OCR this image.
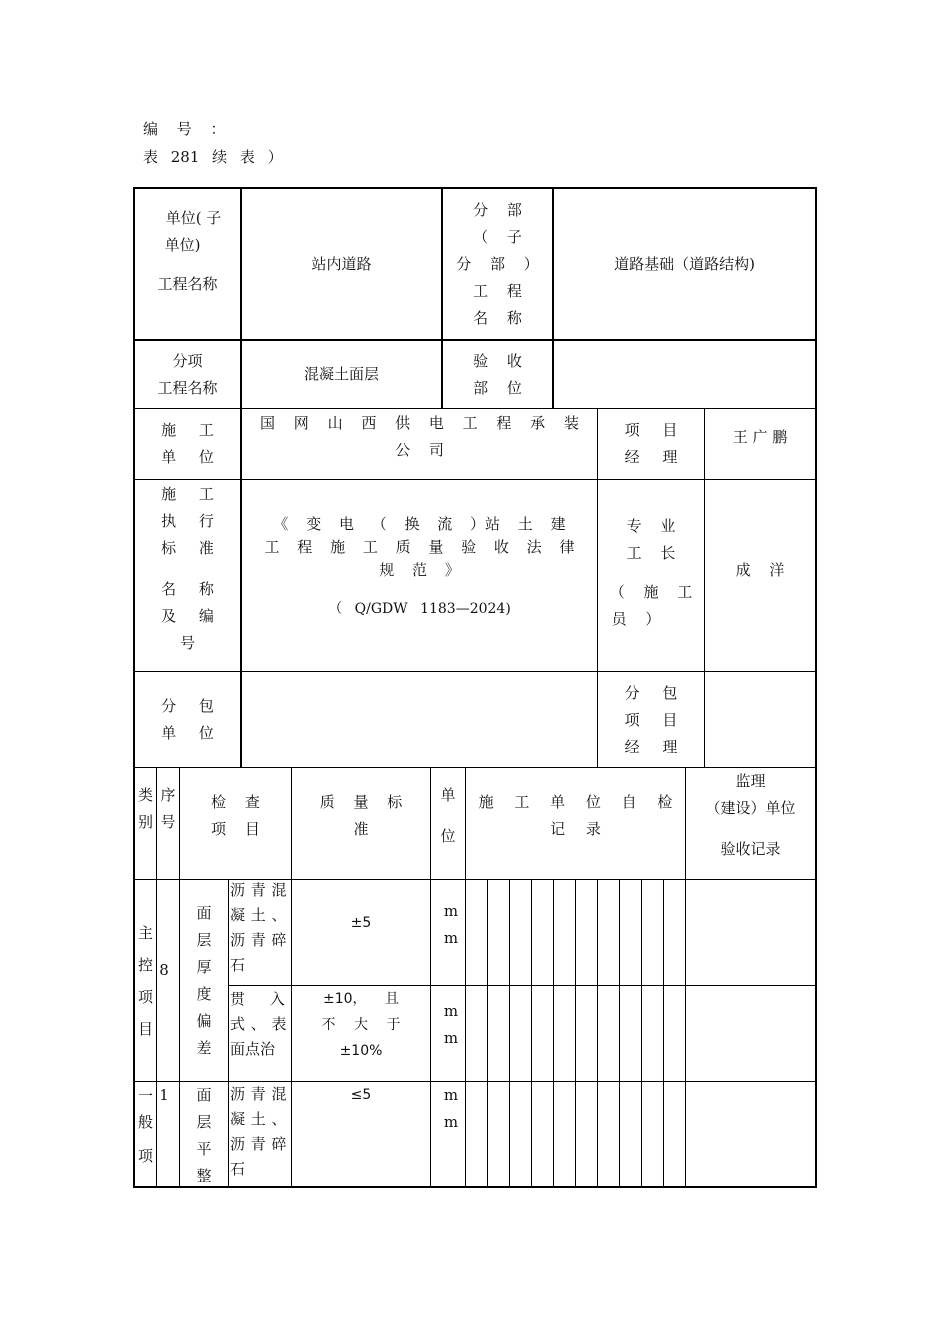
编 号 ：
表 281 续 表 ）
单位( 子
单位)
工程名称
站内道路
分 部
（ 子
分 部 ）
工 程
名 称
道路基础（道路结构)
分项
工程名称
混凝土面层
验 收
部 位
施 工
单 位
国 网 山 西 供 电 工 程 承 装
公 司
项 目
经 理
王 广 鹏
施 工
执 行
标 准
名 称
及 编
号
《 变 电 （ 换 流 ）站 土 建
工 程 施 工 质 量 验 收 法 律
规 范 》
（ Q/GDW 1183—2024)
专 业
工 长
（ 施 工
员 ）
成 洋
分 包
单 位
分 包
项 目
经 理
类
别
序
号
检 查
项 目
质 量 标
准
单
位
施 工 单 位 自 检
记 录
监理
（建设）单位
验收记录
主
控
项
目
8
面
层
厚
度
偏
差
沥 青 混
凝 土 、
沥 青 碎
石
±5
m
m
贯 入
式 、 表
面点治
±10， 且
不 大 于
±10%
m
m
一
般
项
1 面
层
平
整
沥 青 混
凝 土 、
沥 青 碎
石
≤5	m
m
